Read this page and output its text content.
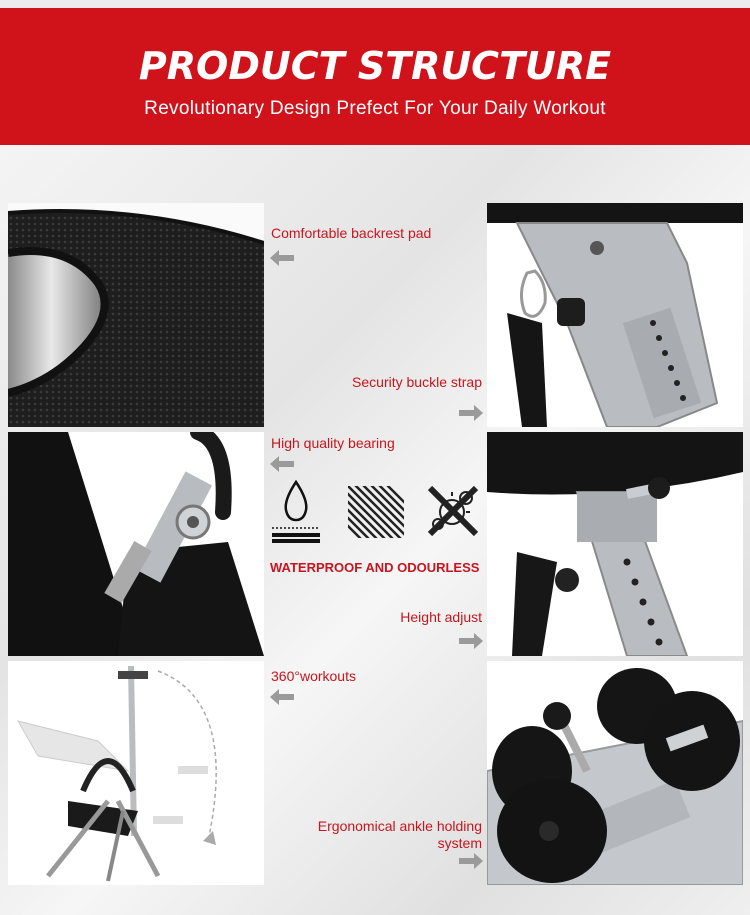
PRODUCT STRUCTURE
Revolutionary Design Prefect For Your Daily Workout
Comfortable backrest pad
Security buckle strap
High quality bearing
WATERPROOF AND ODOURLESS
Height adjust
360°workouts
Ergonomical ankle holding
system
